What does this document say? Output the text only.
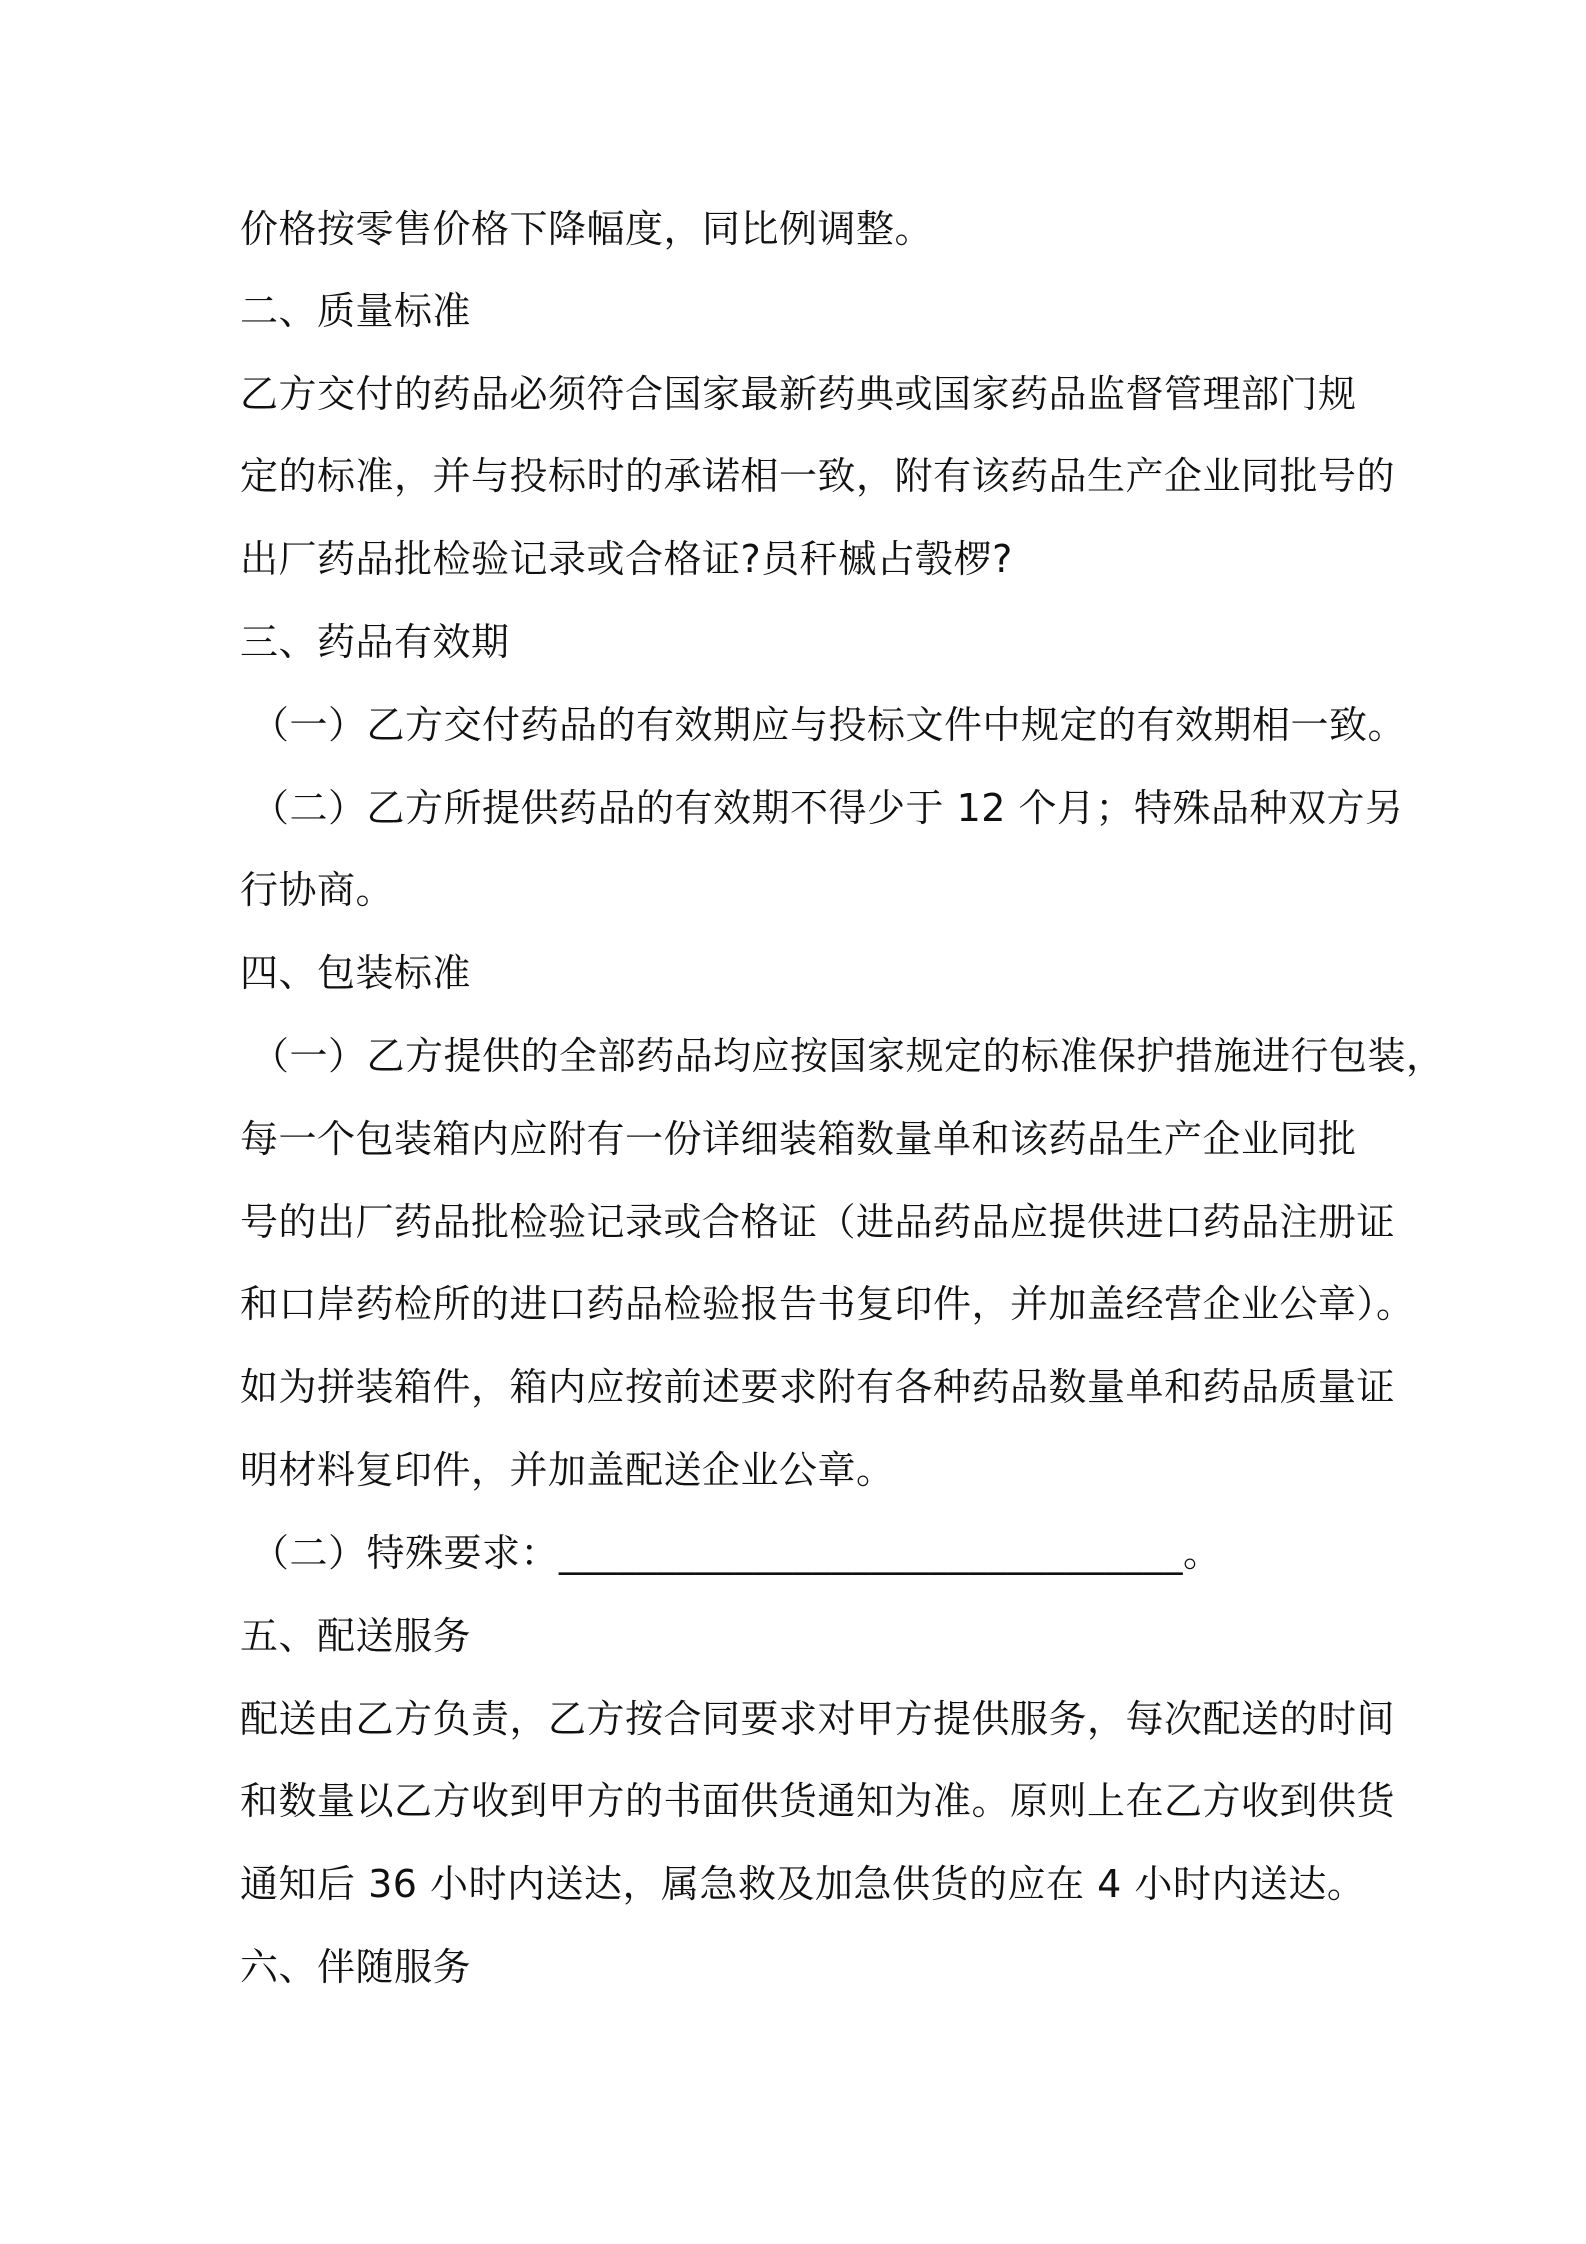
价格按零售价格下降幅度，同比例调整。
二、质量标准
乙方交付的药品必须符合国家最新药典或国家药品监督管理部门规
定的标准，并与投标时的承诺相一致，附有该药品生产企业同批号的
出厂药品批检验记录或合格证?员秆槭占彀椤?
三、药品有效期
（一）乙方交付药品的有效期应与投标文件中规定的有效期相一致。
（二）乙方所提供药品的有效期不得少于 12 个月；特殊品种双方另
行协商。
四、包装标准
（一）乙方提供的全部药品均应按国家规定的标准保护措施进行包装，
每一个包装箱内应附有一份详细装箱数量单和该药品生产企业同批
号的出厂药品批检验记录或合格证（进品药品应提供进口药品注册证
和口岸药检所的进口药品检验报告书复印件，并加盖经营企业公章）。
如为拼装箱件，箱内应按前述要求附有各种药品数量单和药品质量证
明材料复印件，并加盖配送企业公章。
（二）特殊要求：________________________________。
五、配送服务
配送由乙方负责，乙方按合同要求对甲方提供服务，每次配送的时间
和数量以乙方收到甲方的书面供货通知为准。原则上在乙方收到供货
通知后 36 小时内送达，属急救及加急供货的应在 4 小时内送达。
六、伴随服务
